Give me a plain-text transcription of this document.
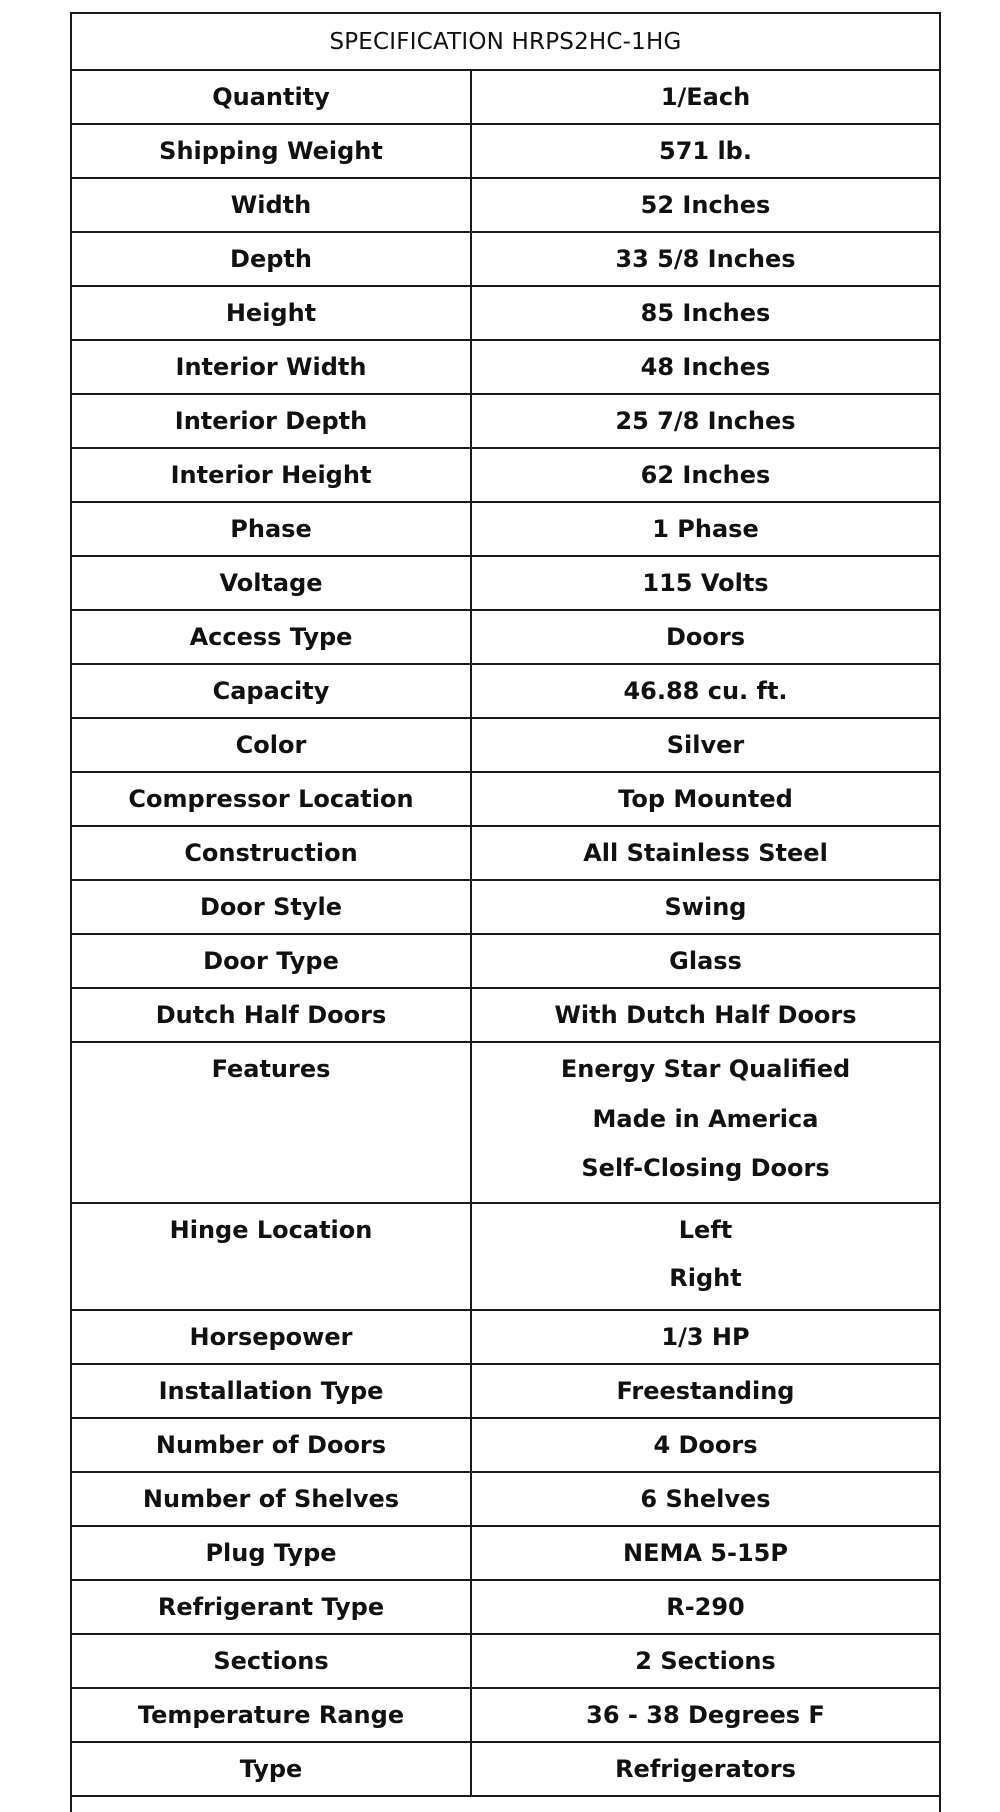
SPECIFICATION HRPS2HC-1HG
Quantity	1/Each
Shipping Weight	571 lb.
Width	52 Inches
Depth	33 5/8 Inches
Height	85 Inches
Interior Width	48 Inches
Interior Depth	25 7/8 Inches
Interior Height	62 Inches
Phase	1 Phase
Voltage	115 Volts
Access Type	Doors
Capacity	46.88 cu. ft.
Color	Silver
Compressor Location	Top Mounted
Construction	All Stainless Steel
Door Style	Swing
Door Type	Glass
Dutch Half Doors	With Dutch Half Doors
Features	Energy Star Qualified
Made in America
Self-Closing Doors
Hinge Location	Left
Right
Horsepower	1/3 HP
Installation Type	Freestanding
Number of Doors	4 Doors
Number of Shelves	6 Shelves
Plug Type	NEMA 5-15P
Refrigerant Type	R-290
Sections	2 Sections
Temperature Range	36 - 38 Degrees F
Type	Refrigerators
